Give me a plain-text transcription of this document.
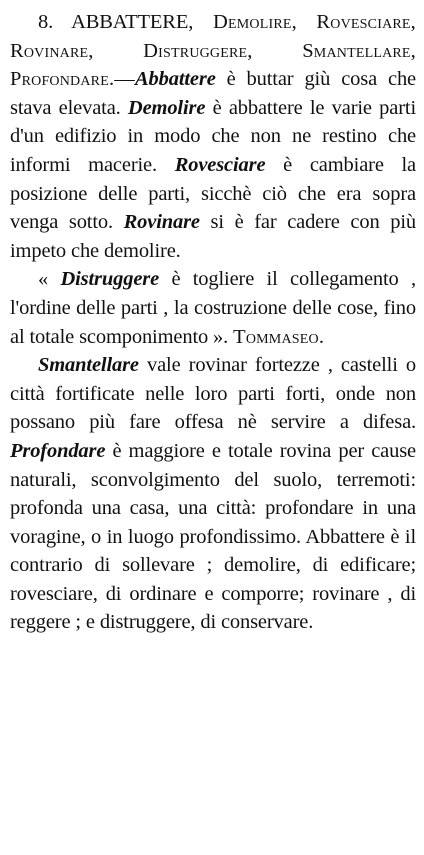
8. ABBATTERE, Demolire, Rovesciare, Rovinare, Distruggere, Smantellare, Profondare.—Abbattere è buttar giù cosa che stava elevata. Demolire è abbattere le varie parti d'un edifizio in modo che non ne restino che informi macerie. Rovesciare è cambiare la posizione delle parti, sicchè ciò che era sopra venga sotto. Rovinare si è far cadere con più impeto che demolire.

« Distruggere è togliere il collegamento , l'ordine delle parti , la costruzione delle cose, fino al totale scomponimento ». Tommaseo.

Smantellare vale rovinar fortezze , castelli o città fortificate nelle loro parti forti, onde non possano più fare offesa nè servire a difesa. Profondare è maggiore e totale rovina per cause naturali, sconvolgimento del suolo, terremoti: profonda una casa, una città: profondare in una voragine, o in luogo profondissimo. Abbattere è il contrario di sollevare ; demolire, di edificare; rovesciare, di ordinare e comporre; rovinare , di reggere ; e distruggere, di conservare.
